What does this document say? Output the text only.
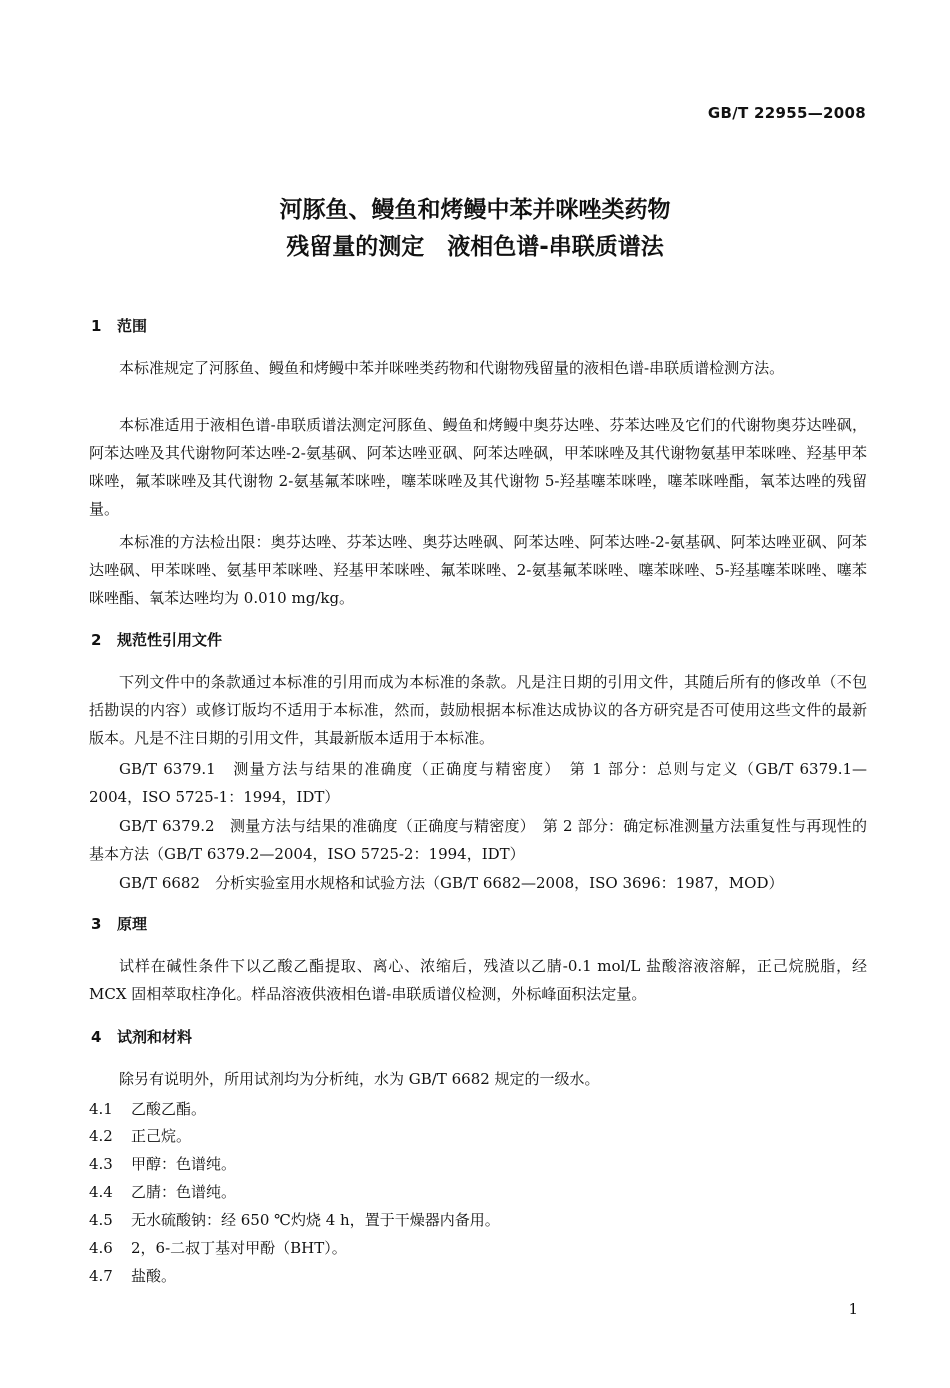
GB/T 22955—2008
河豚鱼、鳗鱼和烤鳗中苯并咪唑类药物
残留量的测定　液相色谱-串联质谱法
1 范围
本标准规定了河豚鱼、鳗鱼和烤鳗中苯并咪唑类药物和代谢物残留量的液相色谱-串联质谱检测方法。
本标准适用于液相色谱-串联质谱法测定河豚鱼、鳗鱼和烤鳗中奥芬达唑、芬苯达唑及它们的代谢物奥芬达唑砜，阿苯达唑及其代谢物阿苯达唑-2-氨基砜、阿苯达唑亚砜、阿苯达唑砜，甲苯咪唑及其代谢物氨基甲苯咪唑、羟基甲苯咪唑，氟苯咪唑及其代谢物 2-氨基氟苯咪唑，噻苯咪唑及其代谢物 5-羟基噻苯咪唑，噻苯咪唑酯，氧苯达唑的残留量。
本标准的方法检出限：奥芬达唑、芬苯达唑、奥芬达唑砜、阿苯达唑、阿苯达唑-2-氨基砜、阿苯达唑亚砜、阿苯达唑砜、甲苯咪唑、氨基甲苯咪唑、羟基甲苯咪唑、氟苯咪唑、2-氨基氟苯咪唑、噻苯咪唑、5-羟基噻苯咪唑、噻苯咪唑酯、氧苯达唑均为 0.010 mg/kg。
2 规范性引用文件
下列文件中的条款通过本标准的引用而成为本标准的条款。凡是注日期的引用文件，其随后所有的修改单（不包括勘误的内容）或修订版均不适用于本标准，然而，鼓励根据本标准达成协议的各方研究是否可使用这些文件的最新版本。凡是不注日期的引用文件，其最新版本适用于本标准。
GB/T 6379.1　测量方法与结果的准确度（正确度与精密度）　第 1 部分：总则与定义（GB/T 6379.1—2004，ISO 5725-1：1994，IDT）
GB/T 6379.2　测量方法与结果的准确度（正确度与精密度）　第 2 部分：确定标准测量方法重复性与再现性的基本方法（GB/T 6379.2—2004，ISO 5725-2：1994，IDT）
GB/T 6682　分析实验室用水规格和试验方法（GB/T 6682—2008，ISO 3696：1987，MOD）
3 原理
试样在碱性条件下以乙酸乙酯提取、离心、浓缩后，残渣以乙腈-0.1 mol/L 盐酸溶液溶解，正己烷脱脂，经 MCX 固相萃取柱净化。样品溶液供液相色谱-串联质谱仪检测，外标峰面积法定量。
4 试剂和材料
除另有说明外，所用试剂均为分析纯，水为 GB/T 6682 规定的一级水。
4.1 乙酸乙酯。
4.2 正己烷。
4.3 甲醇：色谱纯。
4.4 乙腈：色谱纯。
4.5 无水硫酸钠：经 650 ℃灼烧 4 h，置于干燥器内备用。
4.6 2，6-二叔丁基对甲酚（BHT）。
4.7 盐酸。
1
